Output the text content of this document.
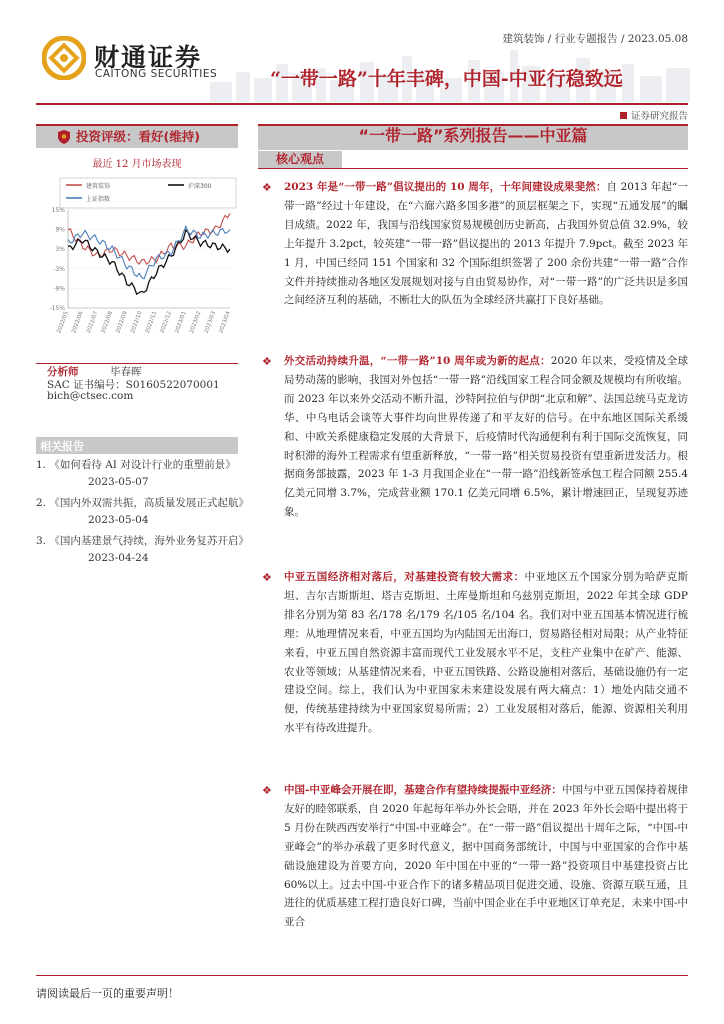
财通证券
CAITONG SECURITIES
建筑装饰 / 行业专题报告 / 2023.05.08
“一带一路”十年丰碑，中国-中亚行稳致远
证券研究报告
投资评级：看好(维持)
最近 12 月市场表现
建筑装饰	沪深300
上证指数
-15%
-9%
-3%
3%
9%
15%
2022/05 2022/06 2022/07 2022/08 2022/09 2022/10 2022/11 2022/12 2023/01 2023/02 2023/03 2023/04
分析师	毕春晖
SAC 证书编号：S0160522070001
bich@ctsec.com
相关报告
1. 《如何看待 AI 对设计行业的重塑前景》
2023-05-07
2. 《国内外双需共振，高质量发展正式起航》
2023-05-04
3. 《国内基建景气持续，海外业务复苏开启》
2023-04-24
“一带一路”系列报告——中亚篇
核心观点
❖ 2023 年是“一带一路”倡议提出的 10 周年，十年间建设成果斐然：自 2013 年起“一带一路”经过十年建设，在“六廊六路多国多港”的顶层框架之下，实现“五通发展”的瞩目成绩。2022 年，我国与沿线国家贸易规模创历史新高，占我国外贸总值 32.9%，较上年提升 3.2pct，较英建“一带一路”倡议提出的 2013 年提升 7.9pct。截至 2023 年 1 月，中国已经同 151 个国家和 32 个国际组织签署了 200 余份共建“一带一路”合作文件并持续推动各地区发展规划对接与自由贸易协作，对“一带一路”的广泛共识是多国之间经济互利的基础，不断壮大的队伍为全球经济共赢打下良好基础。
❖ 外交活动持续升温，“一带一路”10 周年或为新的起点：2020 年以来，受疫情及全球局势动荡的影响，我国对外包括“一带一路”沿线国家工程合同金额及规模均有所收缩。而 2023 年以来外交活动不断升温，沙特阿拉伯与伊朗“北京和解”、法国总统马克龙访华、中乌电话会谈等大事件均向世界传递了和平友好的信号。在中东地区国际关系缓和、中欧关系健康稳定发展的大背景下，后疫情时代沟通便利有利于国际交流恢复，同时积滞的海外工程需求有望重新释放，“一带一路”相关贸易投资有望重新迸发活力。根据商务部披露，2023 年 1-3 月我国企业在“一带一路”沿线新签承包工程合同额 255.4 亿美元同增 3.7%，完成营业额 170.1 亿美元同增 6.5%，累计增速回正，呈现复苏迹象。
❖ 中亚五国经济相对落后，对基建投资有较大需求：中亚地区五个国家分别为哈萨克斯坦、吉尔吉斯斯坦、塔吉克斯坦、土库曼斯坦和乌兹别克斯坦，2022 年其全球 GDP 排名分别为第 83 名/178 名/179 名/105 名/104 名。我们对中亚五国基本情况进行梳理：从地理情况来看，中亚五国均为内陆国无出海口，贸易路径相对局限；从产业特征来看，中亚五国自然资源丰富而现代工业发展水平不足，支柱产业集中在矿产、能源、农业等领域；从基建情况来看，中亚五国铁路、公路设施相对落后，基础设施仍有一定建设空间。综上，我们认为中亚国家未来建设发展有两大痛点：1）地处内陆交通不便，传统基建持续为中亚国家贸易所需；2）工业发展相对落后，能源、资源相关利用水平有待改进提升。
❖ 中国-中亚峰会开展在即，基建合作有望持续提振中亚经济：中国与中亚五国保持着规律友好的睦邻联系，自 2020 年起每年举办外长会晤，并在 2023 年外长会晤中提出将于 5 月份在陕西西安举行“中国-中亚峰会”。在“一带一路”倡议提出十周年之际，“中国-中亚峰会”的举办承载了更多时代意义，据中国商务部统计，中国与中亚国家的合作中基础设施建设为首要方向，2020 年中国在中亚的“一带一路”投资项目中基建投资占比 60%以上。过去中国-中亚合作下的诸多精品项目促进交通、设施、资源互联互通，且进往的优质基建工程打造良好口碑，当前中国企业在手中亚地区订单充足，未来中国-中亚合
请阅读最后一页的重要声明！
